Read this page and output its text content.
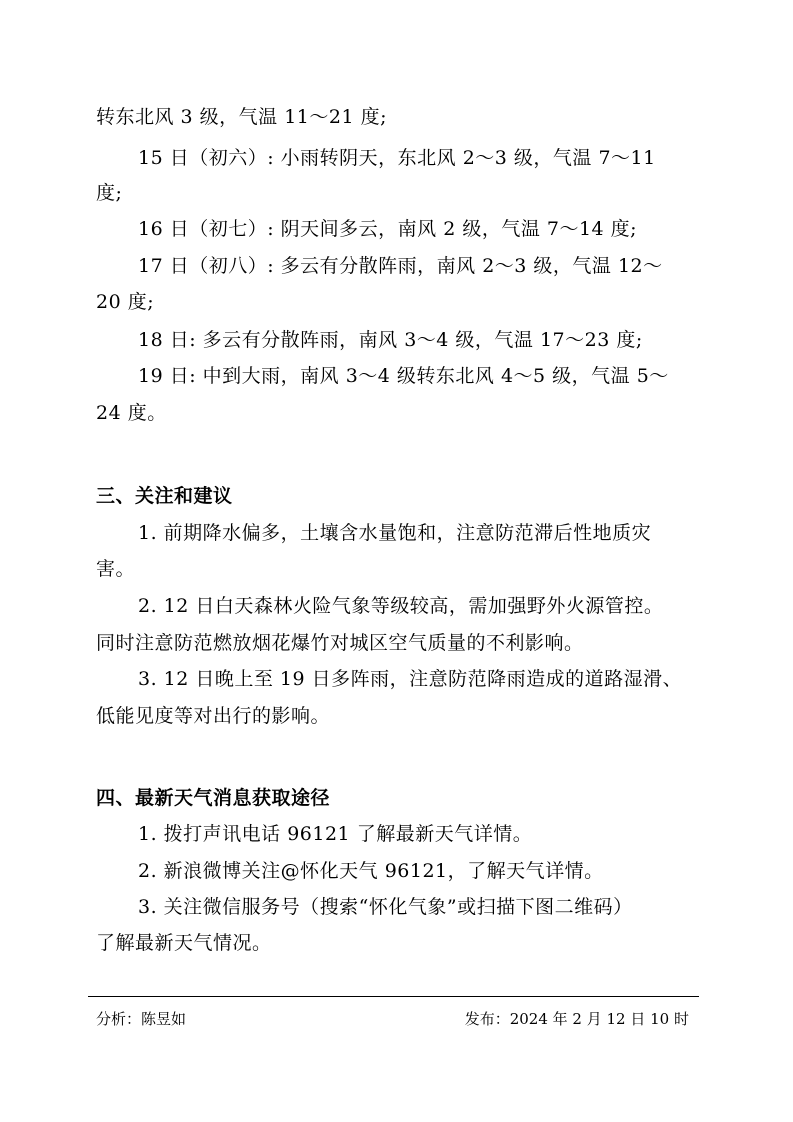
转东北风 3 级，气温 11～21 度;
15 日（初六）: 小雨转阴天，东北风 2～3 级，气温 7～11
度;
16 日（初七）: 阴天间多云，南风 2 级，气温 7～14 度;
17 日（初八）: 多云有分散阵雨，南风 2～3 级，气温 12～
20 度;
18 日: 多云有分散阵雨，南风 3～4 级，气温 17～23 度;
19 日: 中到大雨，南风 3～4 级转东北风 4～5 级，气温 5～
24 度。
三、关注和建议
1. 前期降水偏多，土壤含水量饱和，注意防范滞后性地质灾
害。
2. 12 日白天森林火险气象等级较高，需加强野外火源管控。
同时注意防范燃放烟花爆竹对城区空气质量的不利影响。
3. 12 日晚上至 19 日多阵雨，注意防范降雨造成的道路湿滑、
低能见度等对出行的影响。
四、最新天气消息获取途径
1. 拨打声讯电话 96121 了解最新天气详情。
2. 新浪微博关注@怀化天气 96121，了解天气详情。
3. 关注微信服务号（搜索“怀化气象”或扫描下图二维码）
了解最新天气情况。
分析：陈昱如	发布：2024 年 2 月 12 日 10 时
